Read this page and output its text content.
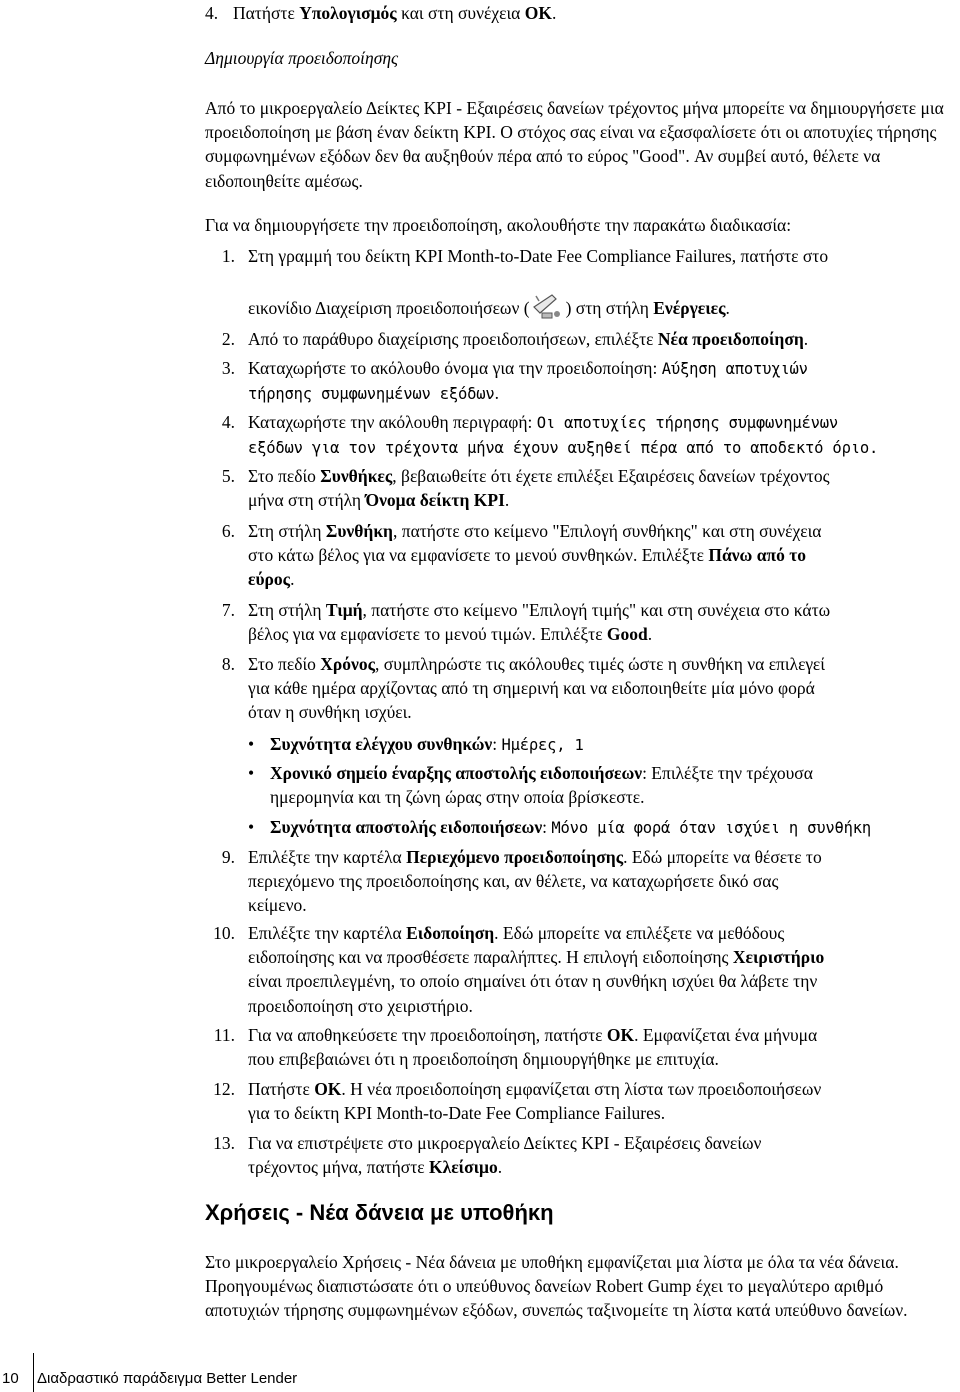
4. Πατήστε Υπολογισμός και στη συνέχεια OK.
Δημιουργία προειδοποίησης
Από το μικροεργαλείο Δείκτες KPI - Εξαιρέσεις δανείων τρέχοντος μήνα μπορείτε να δημιουργήσετε μια προειδοποίηση με βάση έναν δείκτη KPI. Ο στόχος σας είναι να εξασφαλίσετε ότι οι αποτυχίες τήρησης συμφωνημένων εξόδων δεν θα αυξηθούν πέρα από το εύρος "Good". Αν συμβεί αυτό, θέλετε να ειδοποιηθείτε αμέσως.
Για να δημιουργήσετε την προειδοποίηση, ακολουθήστε την παρακάτω διαδικασία:
1. Στη γραμμή του δείκτη KPI Month-to-Date Fee Compliance Failures, πατήστε στο
εικονίδιο Διαχείριση προειδοποιήσεων ( ) στη στήλη Ενέργειες.
2. Από το παράθυρο διαχείρισης προειδοποιήσεων, επιλέξτε Νέα προειδοποίηση.
3. Καταχωρήστε το ακόλουθο όνομα για την προειδοποίηση: Αύξηση αποτυχιών
τήρησης συμφωνημένων εξόδων.
4. Καταχωρήστε την ακόλουθη περιγραφή: Οι αποτυχίες τήρησης συμφωνημένων
εξόδων για τον τρέχοντα μήνα έχουν αυξηθεί πέρα από το αποδεκτό όριο.
5. Στο πεδίο Συνθήκες, βεβαιωθείτε ότι έχετε επιλέξει Εξαιρέσεις δανείων τρέχοντος
μήνα στη στήλη Όνομα δείκτη KPI.
6. Στη στήλη Συνθήκη, πατήστε στο κείμενο "Επιλογή συνθήκης" και στη συνέχεια
στο κάτω βέλος για να εμφανίσετε το μενού συνθηκών. Επιλέξτε Πάνω από το
εύρος.
7. Στη στήλη Τιμή, πατήστε στο κείμενο "Επιλογή τιμής" και στη συνέχεια στο κάτω
βέλος για να εμφανίσετε το μενού τιμών. Επιλέξτε Good.
8. Στο πεδίο Χρόνος, συμπληρώστε τις ακόλουθες τιμές ώστε η συνθήκη να επιλεγεί
για κάθε ημέρα αρχίζοντας από τη σημερινή και να ειδοποιηθείτε μία μόνο φορά
όταν η συνθήκη ισχύει.
• Συχνότητα ελέγχου συνθηκών: Ημέρες, 1
• Χρονικό σημείο έναρξης αποστολής ειδοποιήσεων: Επιλέξτε την τρέχουσα
ημερομηνία και τη ζώνη ώρας στην οποία βρίσκεστε.
• Συχνότητα αποστολής ειδοποιήσεων: Μόνο μία φορά όταν ισχύει η συνθήκη
9. Επιλέξτε την καρτέλα Περιεχόμενο προειδοποίησης. Εδώ μπορείτε να θέσετε το
περιεχόμενο της προειδοποίησης και, αν θέλετε, να καταχωρήσετε δικό σας
κείμενο.
10. Επιλέξτε την καρτέλα Ειδοποίηση. Εδώ μπορείτε να επιλέξετε να μεθόδους
ειδοποίησης και να προσθέσετε παραλήπτες. Η επιλογή ειδοποίησης Χειριστήριο
είναι προεπιλεγμένη, το οποίο σημαίνει ότι όταν η συνθήκη ισχύει θα λάβετε την
προειδοποίηση στο χειριστήριο.
11. Για να αποθηκεύσετε την προειδοποίηση, πατήστε OK. Εμφανίζεται ένα μήνυμα
που επιβεβαιώνει ότι η προειδοποίηση δημιουργήθηκε με επιτυχία.
12. Πατήστε OK. Η νέα προειδοποίηση εμφανίζεται στη λίστα των προειδοποιήσεων
για το δείκτη KPI Month-to-Date Fee Compliance Failures.
13. Για να επιστρέψετε στο μικροεργαλείο Δείκτες KPI - Εξαιρέσεις δανείων
τρέχοντος μήνα, πατήστε Κλείσιμο.
Χρήσεις - Νέα δάνεια με υποθήκη
Στο μικροεργαλείο Χρήσεις - Νέα δάνεια με υποθήκη εμφανίζεται μια λίστα με όλα τα νέα δάνεια. Προηγουμένως διαπιστώσατε ότι ο υπεύθυνος δανείων Robert Gump έχει το μεγαλύτερο αριθμό αποτυχιών τήρησης συμφωνημένων εξόδων, συνεπώς ταξινομείτε τη λίστα κατά υπεύθυνο δανείων.
10 Διαδραστικό παράδειγμα Better Lender
